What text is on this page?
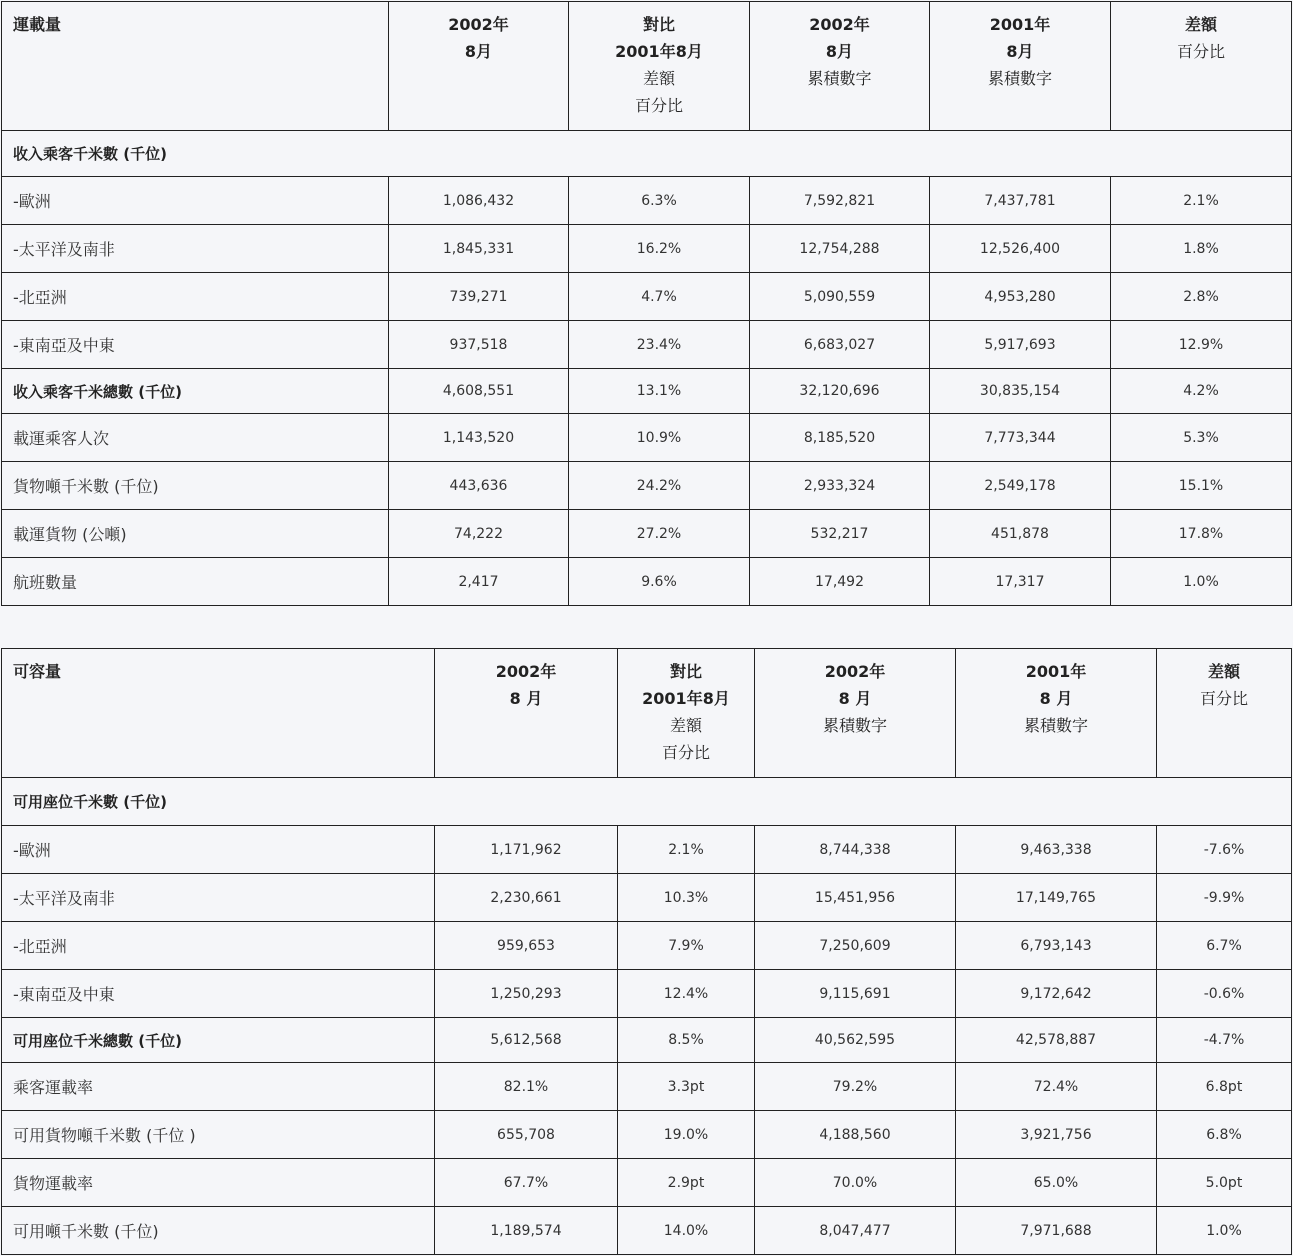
運載量	2002年
8月	對比
2001年8月
差額
百分比	2002年
8月
累積數字	2001年
8月
累積數字	差額
百分比

收入乘客千米數 (千位)					
-歐洲	1,086,432	6.3%	7,592,821	7,437,781	2.1%
-太平洋及南非	1,845,331	16.2%	12,754,288	12,526,400	1.8%
-北亞洲	739,271	4.7%	5,090,559	4,953,280	2.8%
-東南亞及中東	937,518	23.4%	6,683,027	5,917,693	12.9%
收入乘客千米總數 (千位)	4,608,551	13.1%	32,120,696	30,835,154	4.2%
載運乘客人次	1,143,520	10.9%	8,185,520	7,773,344	5.3%
貨物噸千米數 (千位)	443,636	24.2%	2,933,324	2,549,178	15.1%
載運貨物 (公噸)	74,222	27.2%	532,217	451,878	17.8%
航班數量	2,417	9.6%	17,492	17,317	1.0%
可容量	2002年
8 月	對比
2001年8月
差額
百分比	2002年
8 月
累積數字	2001年
8 月
累積數字	差額
百分比

可用座位千米數 (千位)					
-歐洲	1,171,962	2.1%	8,744,338	9,463,338	-7.6%
-太平洋及南非	2,230,661	10.3%	15,451,956	17,149,765	-9.9%
-北亞洲	959,653	7.9%	7,250,609	6,793,143	6.7%
-東南亞及中東	1,250,293	12.4%	9,115,691	9,172,642	-0.6%
可用座位千米總數 (千位)	5,612,568	8.5%	40,562,595	42,578,887	-4.7%
乘客運載率	82.1%	3.3pt	79.2%	72.4%	6.8pt
可用貨物噸千米數 (千位 )	655,708	19.0%	4,188,560	3,921,756	6.8%
貨物運載率	67.7%	2.9pt	70.0%	65.0%	5.0pt
可用噸千米數 (千位)	1,189,574	14.0%	8,047,477	7,971,688	1.0%
